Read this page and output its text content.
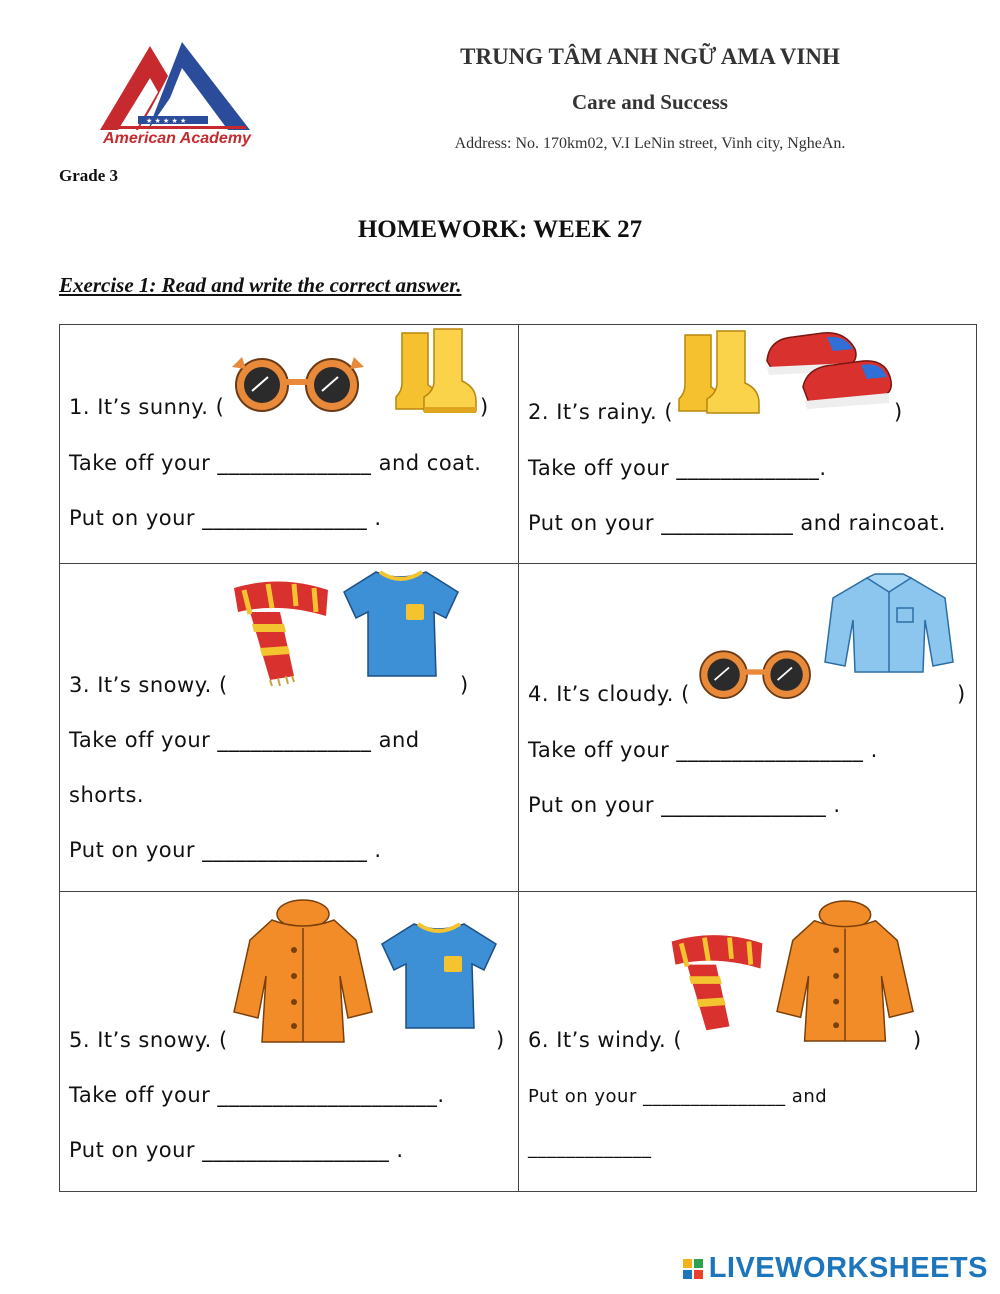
★ ★ ★ ★ ★
American Academy
TRUNG TÂM ANH NGỮ AMA VINH
Care and Success
Address: No. 170km02, V.I LeNin street, Vinh city, NgheAn.
Grade 3
HOMEWORK: WEEK 27
Exercise 1: Read and write the correct answer.
1. It’s sunny. (	)
Take off your ______________ and coat.
Put on your _______________ .
2. It’s rainy. (	)
Take off your _____________.
Put on your ____________ and raincoat.
3. It’s snowy. (	)
Take off your ______________ and
shorts.
Put on your _______________ .
4. It’s cloudy. (	)
Take off your _________________ .
Put on your _______________ .
5. It’s snowy. (	)
Take off your ____________________.
Put on your _________________ .
6. It’s windy. (	)
Put on your _______________ and
_____________
LIVEWORKSHEETS
